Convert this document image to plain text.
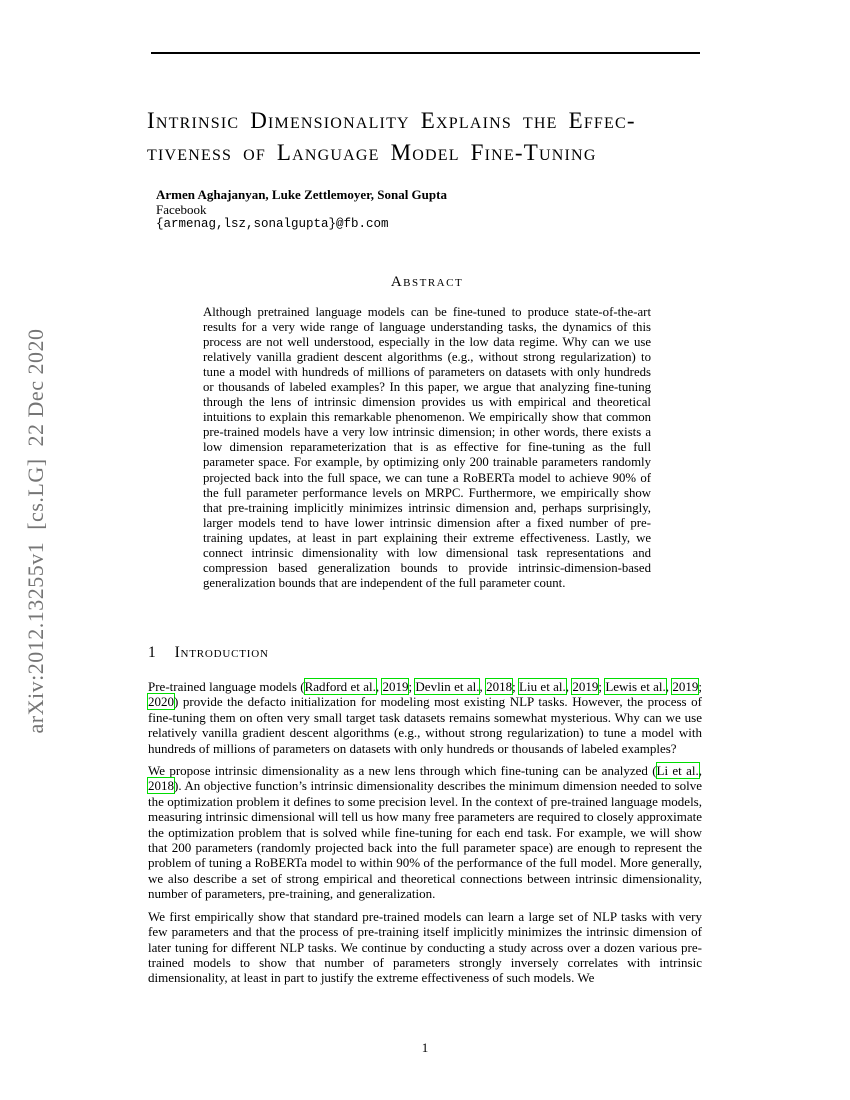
arXiv:2012.13255v1  [cs.LG]  22 Dec 2020
Intrinsic Dimensionality Explains the Effec-
tiveness of Language Model Fine-Tuning
Armen Aghajanyan, Luke Zettlemoyer, Sonal Gupta
Facebook
{armenag,lsz,sonalgupta}@fb.com
Abstract
Although pretrained language models can be fine-tuned to produce state-of-the-art results for a very wide range of language understanding tasks, the dynamics of this process are not well understood, especially in the low data regime. Why can we use relatively vanilla gradient descent algorithms (e.g., without strong regularization) to tune a model with hundreds of millions of parameters on datasets with only hundreds or thousands of labeled examples? In this paper, we argue that analyzing fine-tuning through the lens of intrinsic dimension provides us with empirical and theoretical intuitions to explain this remarkable phenomenon. We empirically show that common pre-trained models have a very low intrinsic dimension; in other words, there exists a low dimension reparameterization that is as effective for fine-tuning as the full parameter space. For example, by optimizing only 200 trainable parameters randomly projected back into the full space, we can tune a RoBERTa model to achieve 90% of the full parameter performance levels on MRPC. Furthermore, we empirically show that pre-training implicitly minimizes intrinsic dimension and, perhaps surprisingly, larger models tend to have lower intrinsic dimension after a fixed number of pre-training updates, at least in part explaining their extreme effectiveness. Lastly, we connect intrinsic dimensionality with low dimensional task representations and compression based generalization bounds to provide intrinsic-dimension-based generalization bounds that are independent of the full parameter count.
1 Introduction

Pre-trained language models (Radford et al., 2019; Devlin et al., 2018; Liu et al., 2019; Lewis et al., 2019; 2020) provide the defacto initialization for modeling most existing NLP tasks. However, the process of fine-tuning them on often very small target task datasets remains somewhat mysterious. Why can we use relatively vanilla gradient descent algorithms (e.g., without strong regularization) to tune a model with hundreds of millions of parameters on datasets with only hundreds or thousands of labeled examples?

We propose intrinsic dimensionality as a new lens through which fine-tuning can be analyzed (Li et al., 2018). An objective function’s intrinsic dimensionality describes the minimum dimension needed to solve the optimization problem it defines to some precision level. In the context of pre-trained language models, measuring intrinsic dimensional will tell us how many free parameters are required to closely approximate the optimization problem that is solved while fine-tuning for each end task. For example, we will show that 200 parameters (randomly projected back into the full parameter space) are enough to represent the problem of tuning a RoBERTa model to within 90% of the performance of the full model. More generally, we also describe a set of strong empirical and theoretical connections between intrinsic dimensionality, number of parameters, pre-training, and generalization.

We first empirically show that standard pre-trained models can learn a large set of NLP tasks with very few parameters and that the process of pre-training itself implicitly minimizes the intrinsic dimension of later tuning for different NLP tasks. We continue by conducting a study across over a dozen various pre-trained models to show that number of parameters strongly inversely correlates with intrinsic dimensionality, at least in part to justify the extreme effectiveness of such models. We

1
